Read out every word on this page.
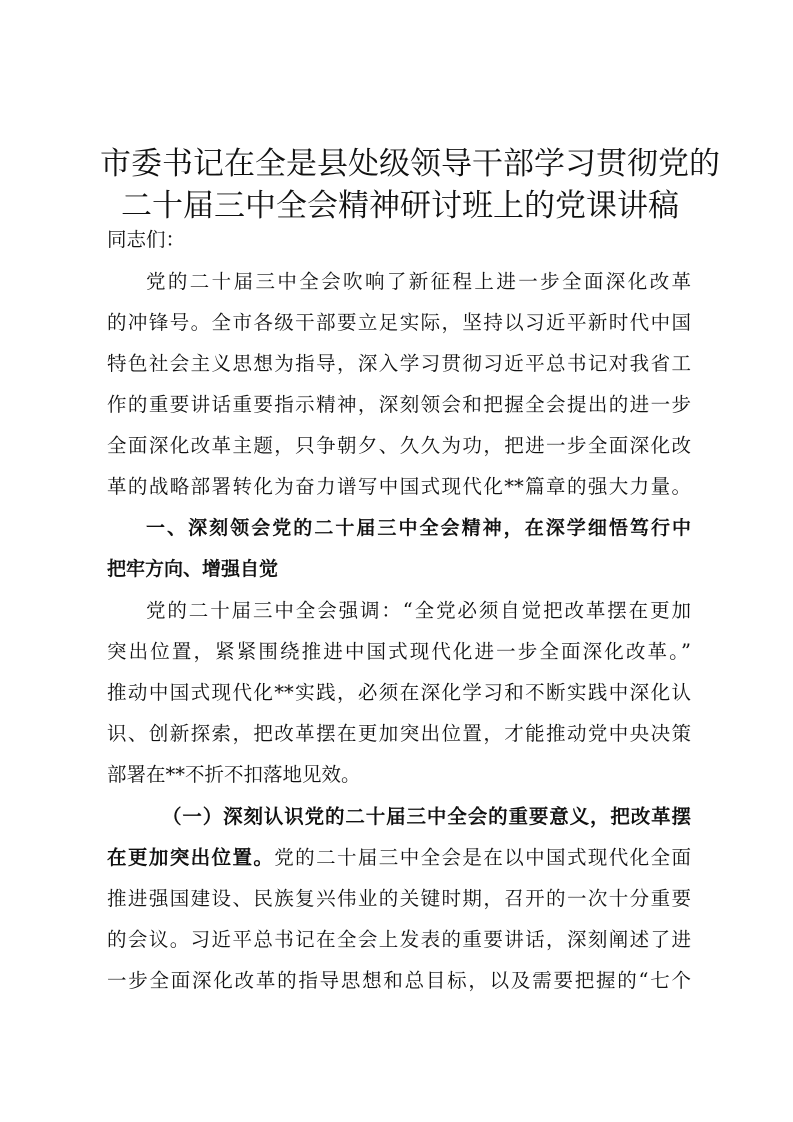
市委书记在全是县处级领导干部学习贯彻党的
二十届三中全会精神研讨班上的党课讲稿
同志们：
党的二十届三中全会吹响了新征程上进一步全面深化改革
的冲锋号。全市各级干部要立足实际，坚持以习近平新时代中国
特色社会主义思想为指导，深入学习贯彻习近平总书记对我省工
作的重要讲话重要指示精神，深刻领会和把握全会提出的进一步
全面深化改革主题，只争朝夕、久久为功，把进一步全面深化改
革的战略部署转化为奋力谱写中国式现代化**篇章的强大力量。
一、深刻领会党的二十届三中全会精神，在深学细悟笃行中
把牢方向、增强自觉
党的二十届三中全会强调：“全党必须自觉把改革摆在更加
突出位置，紧紧围绕推进中国式现代化进一步全面深化改革。”
推动中国式现代化**实践，必须在深化学习和不断实践中深化认
识、创新探索，把改革摆在更加突出位置，才能推动党中央决策
部署在**不折不扣落地见效。
（一）深刻认识党的二十届三中全会的重要意义，把改革摆
在更加突出位置。党的二十届三中全会是在以中国式现代化全面
推进强国建设、民族复兴伟业的关键时期，召开的一次十分重要
的会议。习近平总书记在全会上发表的重要讲话，深刻阐述了进
一步全面深化改革的指导思想和总目标，以及需要把握的“七个
